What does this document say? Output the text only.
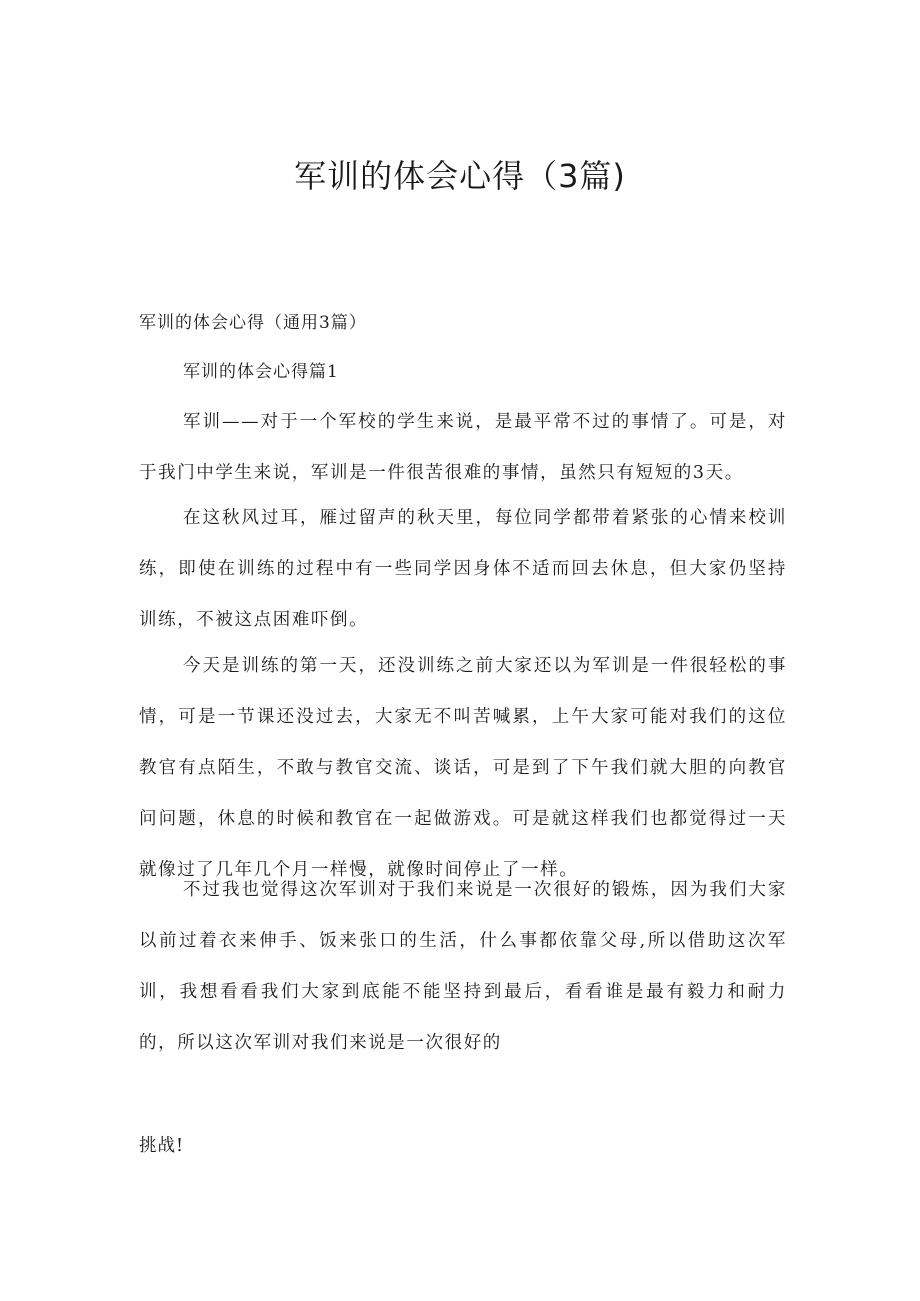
军训的体会心得（3篇)
军训的体会心得（通用3篇）
军训的体会心得篇1

军训——对于一个军校的学生来说，是最平常不过的事情了。可是，对于我门中学生来说，军训是一件很苦很难的事情，虽然只有短短的3天。

在这秋风过耳，雁过留声的秋天里，每位同学都带着紧张的心情来校训练，即使在训练的过程中有一些同学因身体不适而回去休息，但大家仍坚持训练，不被这点困难吓倒。

今天是训练的第一天，还没训练之前大家还以为军训是一件很轻松的事情，可是一节课还没过去，大家无不叫苦喊累，上午大家可能对我们的这位教官有点陌生，不敢与教官交流、谈话，可是到了下午我们就大胆的向教官问问题，休息的时候和教官在一起做游戏。可是就这样我们也都觉得过一天就像过了几年几个月一样慢，就像时间停止了一样。

不过我也觉得这次军训对于我们来说是一次很好的锻炼，因为我们大家以前过着衣来伸手、饭来张口的生活，什么事都依靠父母,所以借助这次军训，我想看看我们大家到底能不能坚持到最后，看看谁是最有毅力和耐力的，所以这次军训对我们来说是一次很好的

挑战!
